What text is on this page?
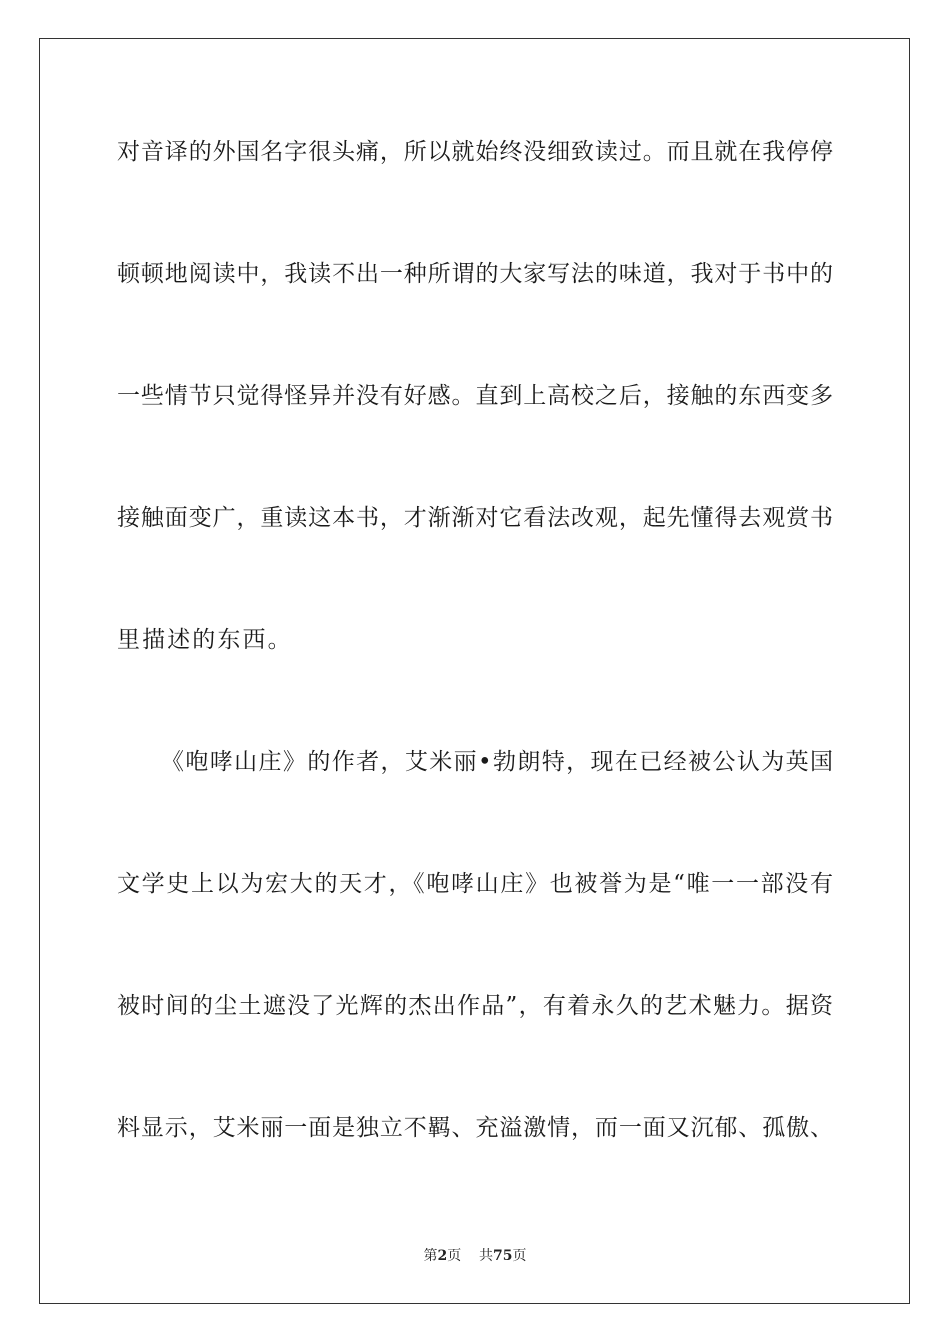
对音译的外国名字很头痛，所以就始终没细致读过。而且就在我停停
顿顿地阅读中，我读不出一种所谓的大家写法的味道，我对于书中的
一些情节只觉得怪异并没有好感。直到上高校之后，接触的东西变多
接触面变广，重读这本书，才渐渐对它看法改观，起先懂得去观赏书
里描述的东西。
《咆哮山庄》的作者，艾米丽•勃朗特，现在已经被公认为英国
文学史上以为宏大的天才，《咆哮山庄》也被誉为是“唯一一部没有
被时间的尘土遮没了光辉的杰出作品”，有着永久的艺术魅力。据资
料显示，艾米丽一面是独立不羁、充溢激情，而一面又沉郁、孤傲、
第2页 共75页
